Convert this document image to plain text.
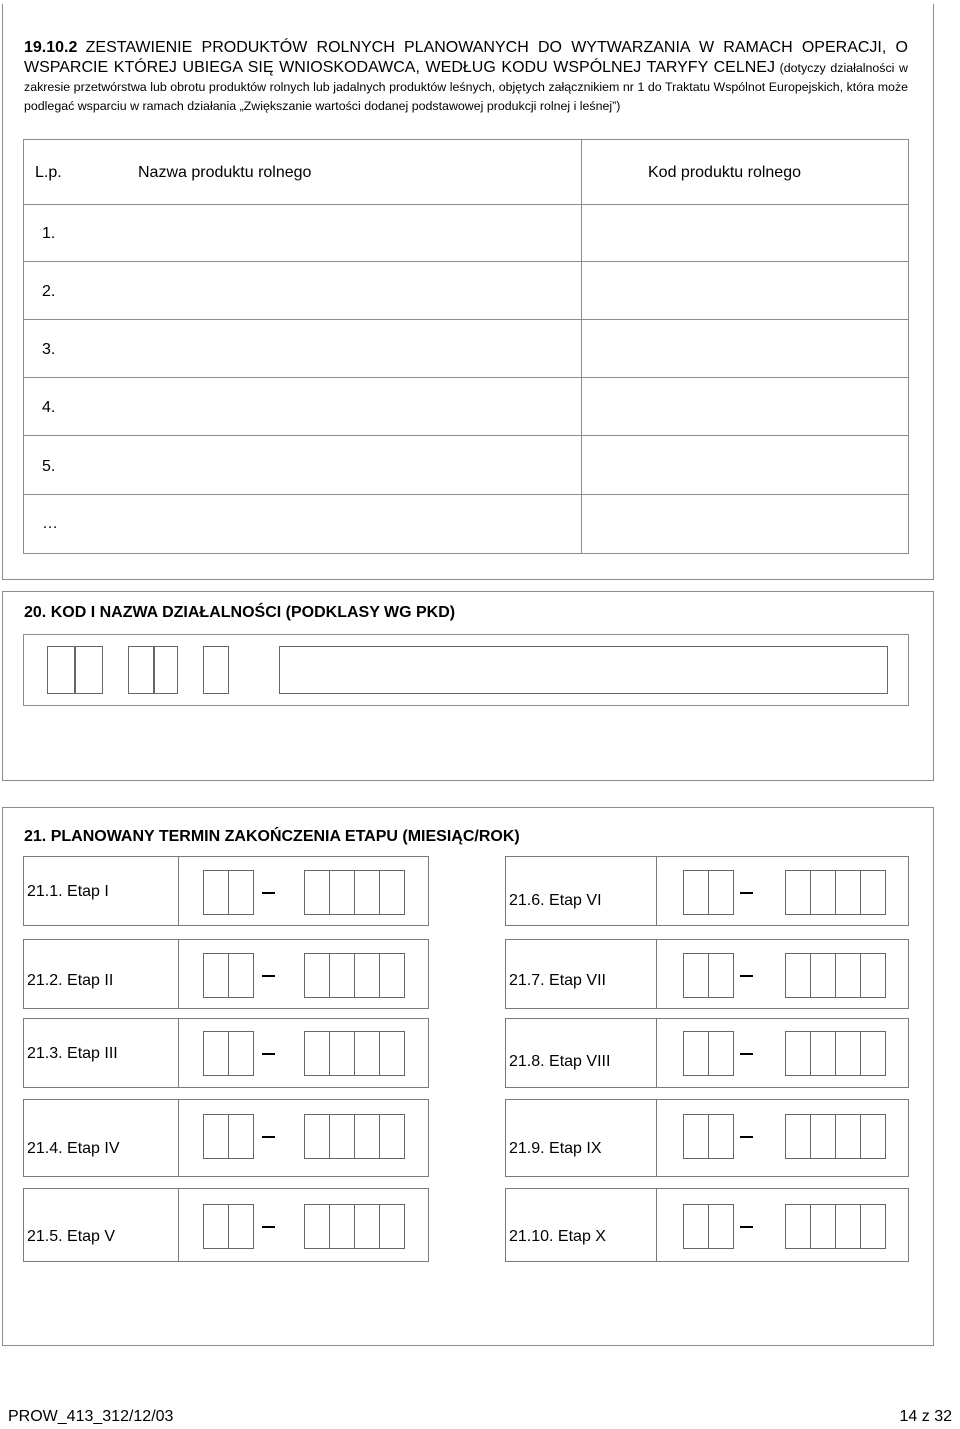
19.10.2 ZESTAWIENIE PRODUKTÓW ROLNYCH PLANOWANYCH DO WYTWARZANIA W RAMACH OPERACJI, O WSPARCIE KTÓREJ UBIEGA SIĘ WNIOSKODAWCA, WEDŁUG KODU WSPÓLNEJ TARYFY CELNEJ (dotyczy działalności w zakresie przetwórstwa lub obrotu produktów rolnych lub jadalnych produktów leśnych, objętych załącznikiem nr 1 do Traktatu Wspólnot Europejskich, która może podlegać wsparciu w ramach działania „Zwiększanie wartości dodanej podstawowej produkcji rolnej i leśnej”)
L.p.	Nazwa produktu rolnego	Kod produktu rolnego
1.
2.
3.
4.
5.
…
20. KOD I NAZWA DZIAŁALNOŚCI (PODKLASY WG PKD)
21. PLANOWANY TERMIN ZAKOŃCZENIA ETAPU (MIESIĄC/ROK)
21.1. Etap I
21.2. Etap II
21.3. Etap III
21.4. Etap IV
21.5. Etap V
21.6. Etap VI
21.7. Etap VII
21.8. Etap VIII
21.9. Etap IX
21.10. Etap X
PROW_413_312/12/03	14 z 32
